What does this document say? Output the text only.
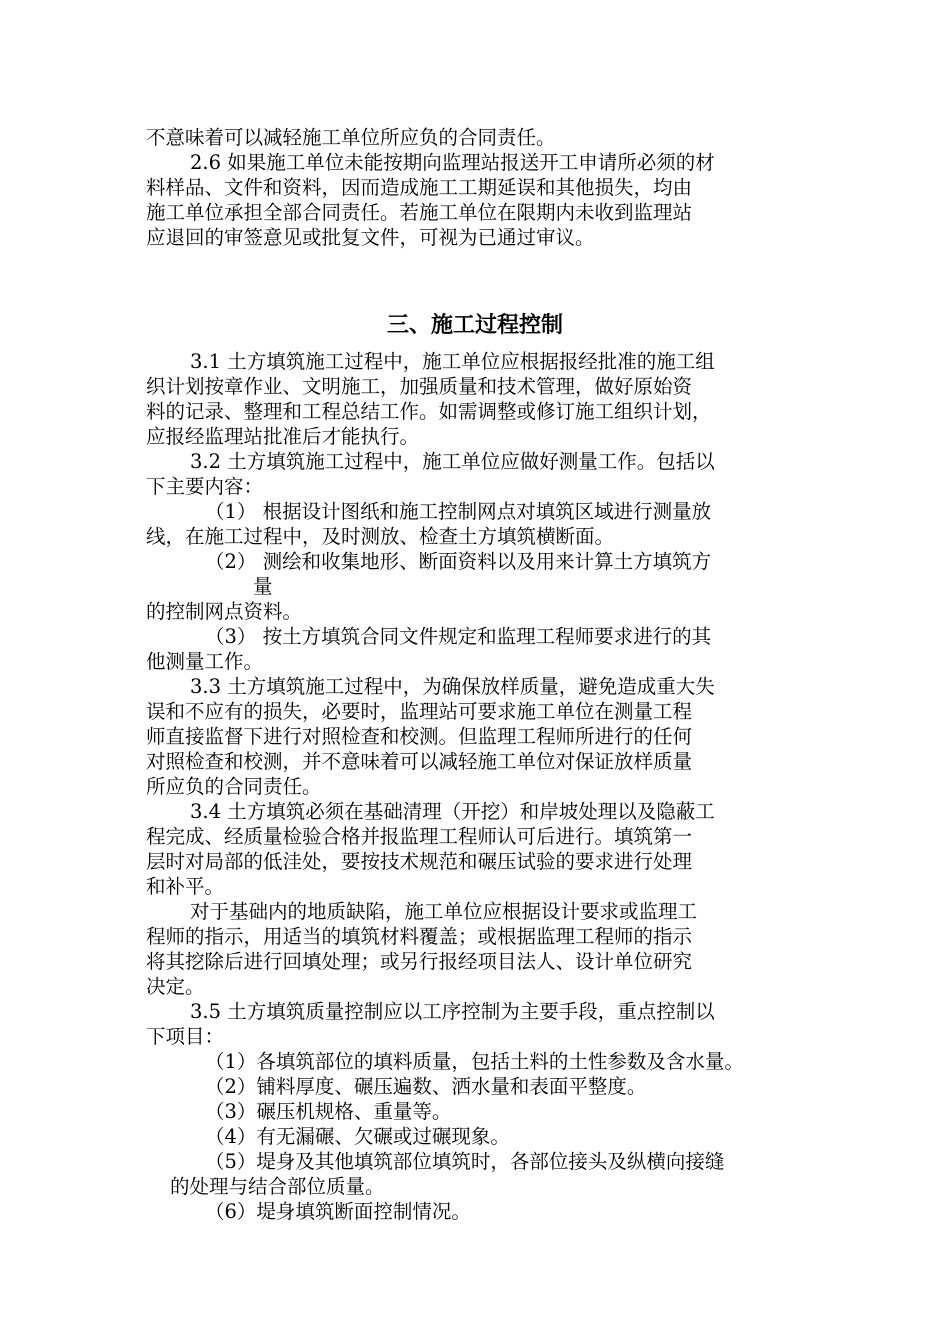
不意味着可以减轻施工单位所应负的合同责任。

2.6 如果施工单位未能按期向监理站报送开工申请所必须的材

料样品、文件和资料，因而造成施工工期延误和其他损失，均由

施工单位承担全部合同责任。若施工单位在限期内未收到监理站

应退回的审签意见或批复文件，可视为已通过审议。

三、施工过程控制

3.1 土方填筑施工过程中，施工单位应根据报经批准的施工组

织计划按章作业、文明施工，加强质量和技术管理，做好原始资

料的记录、整理和工程总结工作。如需调整或修订施工组织计划，

应报经监理站批准后才能执行。

3.2 土方填筑施工过程中，施工单位应做好测量工作。包括以

下主要内容：

（1） 根据设计图纸和施工控制网点对填筑区域进行测量放

线，在施工过程中，及时测放、检查土方填筑横断面。

（2） 测绘和收集地形、断面资料以及用来计算土方填筑方

量

的控制网点资料。

（3） 按土方填筑合同文件规定和监理工程师要求进行的其

他测量工作。

3.3 土方填筑施工过程中，为确保放样质量，避免造成重大失

误和不应有的损失，必要时，监理站可要求施工单位在测量工程

师直接监督下进行对照检查和校测。但监理工程师所进行的任何

对照检查和校测，并不意味着可以减轻施工单位对保证放样质量

所应负的合同责任。

3.4 土方填筑必须在基础清理（开挖）和岸坡处理以及隐蔽工

程完成、经质量检验合格并报监理工程师认可后进行。填筑第一

层时对局部的低洼处，要按技术规范和碾压试验的要求进行处理

和补平。

对于基础内的地质缺陷，施工单位应根据设计要求或监理工

程师的指示，用适当的填筑材料覆盖；或根据监理工程师的指示

将其挖除后进行回填处理；或另行报经项目法人、设计单位研究

决定。

3.5 土方填筑质量控制应以工序控制为主要手段，重点控制以

下项目：

（1）各填筑部位的填料质量，包括土料的土性参数及含水量。

（2）铺料厚度、碾压遍数、洒水量和表面平整度。

（3）碾压机规格、重量等。

（4）有无漏碾、欠碾或过碾现象。

（5）堤身及其他填筑部位填筑时，各部位接头及纵横向接缝

的处理与结合部位质量。

（6）堤身填筑断面控制情况。
